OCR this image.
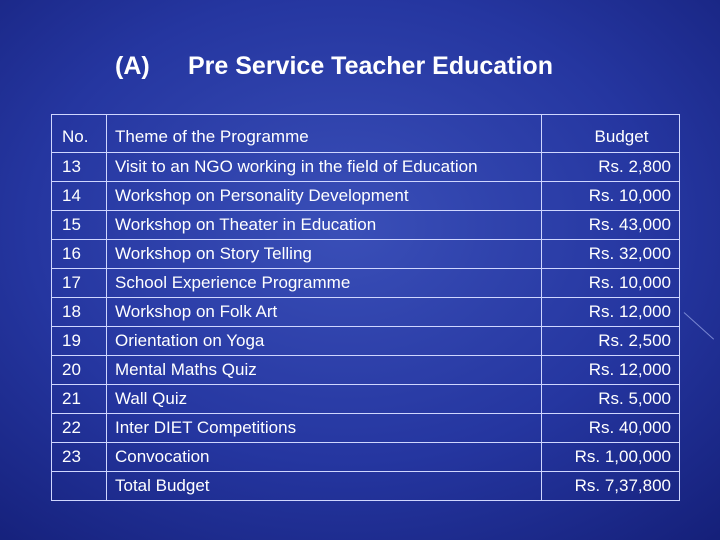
(A) Pre Service Teacher Education
No.	Theme of the Programme	Budget
13	Visit to an NGO working in the field of Education	Rs. 2,800
14	Workshop on Personality Development	Rs. 10,000
15	Workshop on Theater in Education	Rs. 43,000
16	Workshop on Story Telling	Rs. 32,000
17	School Experience Programme	Rs. 10,000
18	Workshop on Folk Art	Rs. 12,000
19	Orientation on Yoga	Rs. 2,500
20	Mental Maths Quiz	Rs. 12,000
21	Wall Quiz	Rs. 5,000
22	Inter DIET Competitions	Rs. 40,000
23	Convocation	Rs. 1,00,000
	Total Budget	Rs. 7,37,800
